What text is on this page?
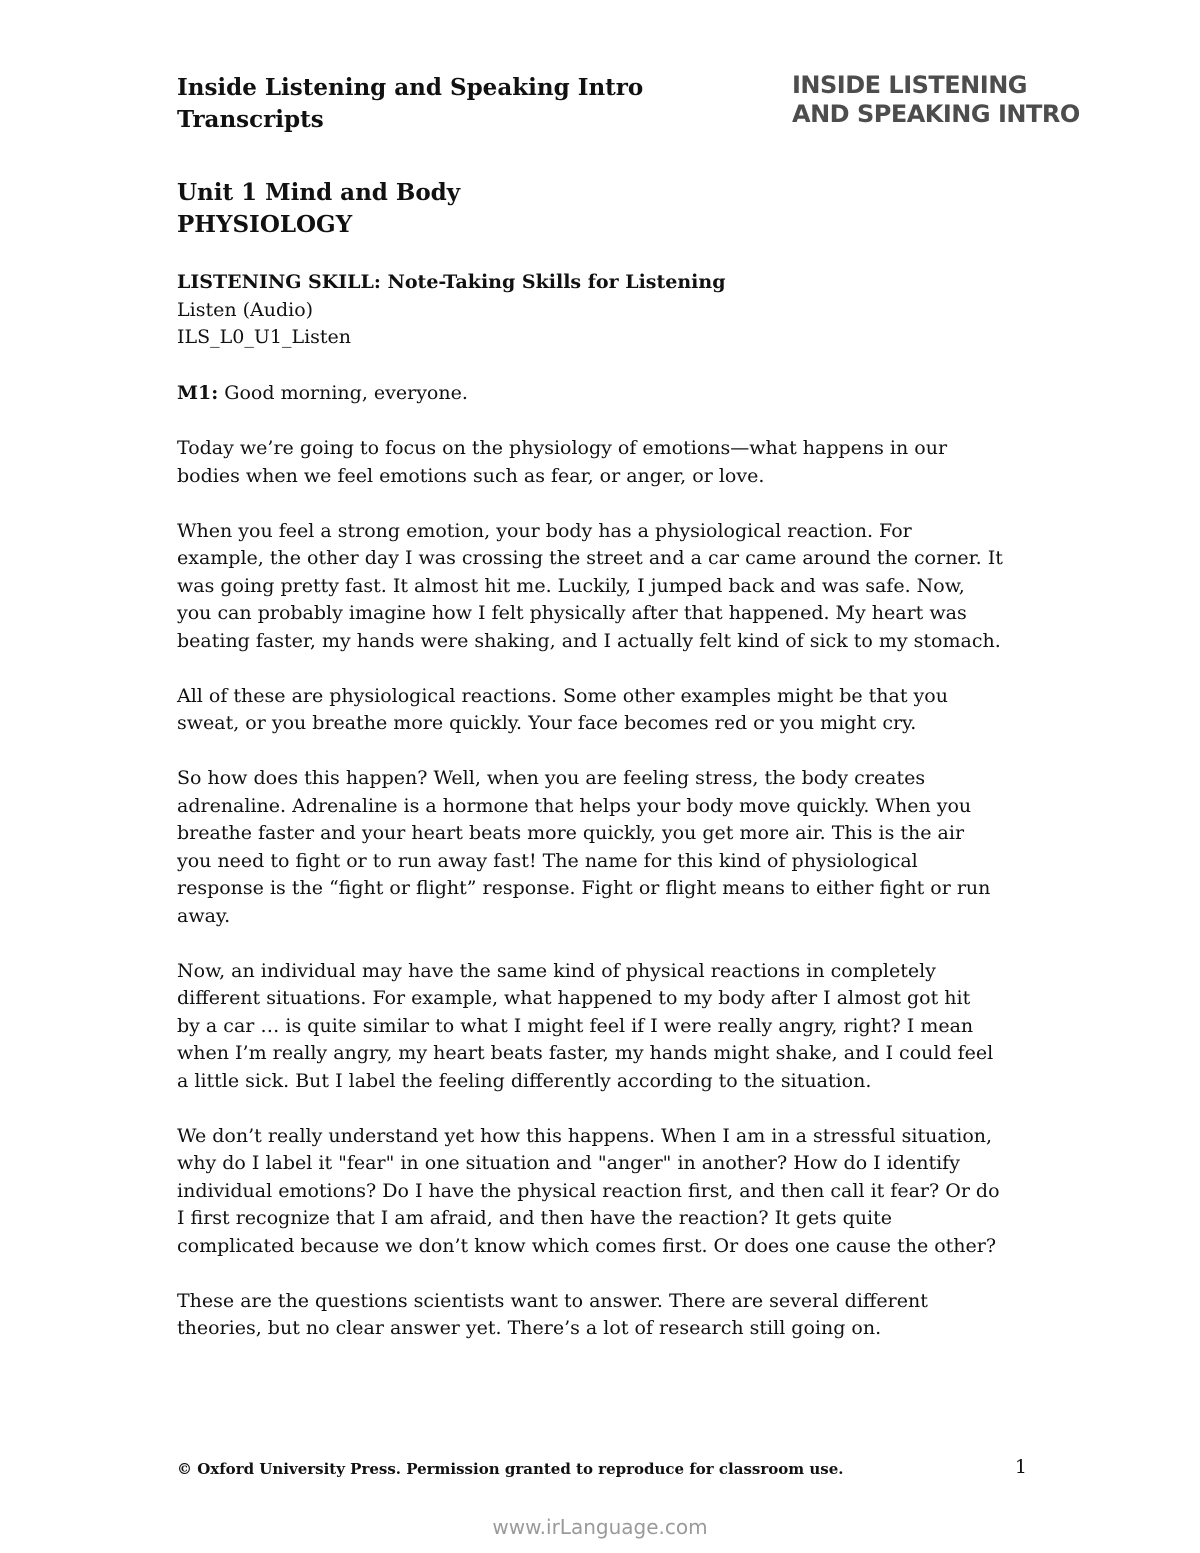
Inside Listening and Speaking Intro
Transcripts
INSIDE LISTENING
AND SPEAKING INTRO
Unit 1 Mind and Body
PHYSIOLOGY
LISTENING SKILL: Note-Taking Skills for Listening
Listen (Audio)
ILS_L0_U1_Listen

M1: Good morning, everyone.

Today we’re going to focus on the physiology of emotions—what happens in our
bodies when we feel emotions such as fear, or anger, or love.

When you feel a strong emotion, your body has a physiological reaction. For
example, the other day I was crossing the street and a car came around the corner. It
was going pretty fast. It almost hit me. Luckily, I jumped back and was safe. Now,
you can probably imagine how I felt physically after that happened. My heart was
beating faster, my hands were shaking, and I actually felt kind of sick to my stomach.

All of these are physiological reactions. Some other examples might be that you
sweat, or you breathe more quickly. Your face becomes red or you might cry.

So how does this happen? Well, when you are feeling stress, the body creates
adrenaline. Adrenaline is a hormone that helps your body move quickly. When you
breathe faster and your heart beats more quickly, you get more air. This is the air
you need to fight or to run away fast! The name for this kind of physiological
response is the “fight or flight” response. Fight or flight means to either fight or run
away.

Now, an individual may have the same kind of physical reactions in completely
different situations. For example, what happened to my body after I almost got hit
by a car … is quite similar to what I might feel if I were really angry, right? I mean
when I’m really angry, my heart beats faster, my hands might shake, and I could feel
a little sick. But I label the feeling differently according to the situation.

We don’t really understand yet how this happens. When I am in a stressful situation,
why do I label it "fear" in one situation and "anger" in another? How do I identify
individual emotions? Do I have the physical reaction first, and then call it fear? Or do
I first recognize that I am afraid, and then have the reaction? It gets quite
complicated because we don’t know which comes first. Or does one cause the other?

These are the questions scientists want to answer. There are several different
theories, but no clear answer yet. There’s a lot of research still going on.

© Oxford University Press. Permission granted to reproduce for classroom use.	1
www.irLanguage.com
